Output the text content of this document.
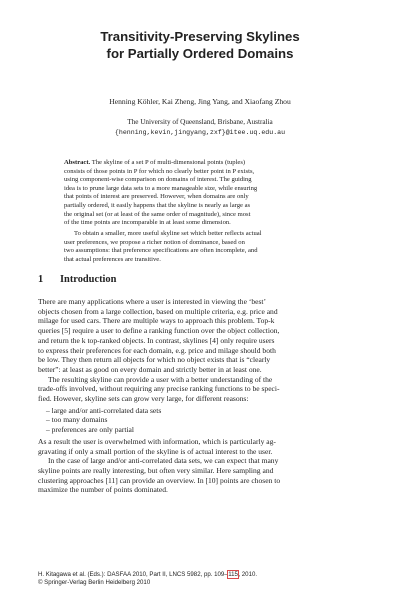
Transitivity-Preserving Skylines
for Partially Ordered Domains
Henning Köhler, Kai Zheng, Jing Yang, and Xiaofang Zhou
The University of Queensland, Brisbane, Australia
{henning,kevin,jingyang,zxf}@itee.uq.edu.au
Abstract. The skyline of a set P of multi-dimensional points (tuples)
consists of those points in P for which no clearly better point in P exists,
using component-wise comparison on domains of interest. The guiding
idea is to prune large data sets to a more manageable size, while ensuring
that points of interest are preserved. However, when domains are only
partially ordered, it easily happens that the skyline is nearly as large as
the original set (or at least of the same order of magnitude), since most
of the time points are incomparable in at least some dimension.
To obtain a smaller, more useful skyline set which better reflects actual
user preferences, we propose a richer notion of dominance, based on
two assumptions: that preference specifications are often incomplete, and
that actual preferences are transitive.
1 Introduction
There are many applications where a user is interested in viewing the ‘best’
objects chosen from a large collection, based on multiple criteria, e.g. price and
milage for used cars. There are multiple ways to approach this problem. Top-k
queries [5] require a user to define a ranking function over the object collection,
and return the k top-ranked objects. In contrast, skylines [4] only require users
to express their preferences for each domain, e.g. price and milage should both
be low. They then return all objects for which no object exists that is “clearly
better”: at least as good on every domain and strictly better in at least one.
The resulting skyline can provide a user with a better understanding of the
trade-offs involved, without requiring any precise ranking functions to be speci-
fied. However, skyline sets can grow very large, for different reasons:
– large and/or anti-correlated data sets
– too many domains
– preferences are only partial
As a result the user is overwhelmed with information, which is particularly ag-
gravating if only a small portion of the skyline is of actual interest to the user.
In the case of large and/or anti-correlated data sets, we can expect that many
skyline points are really interesting, but often very similar. Here sampling and
clustering approaches [11] can provide an overview. In [10] points are chosen to
maximize the number of points dominated.
H. Kitagawa et al. (Eds.): DASFAA 2010, Part II, LNCS 5982, pp. 109–115, 2010.
© Springer-Verlag Berlin Heidelberg 2010
